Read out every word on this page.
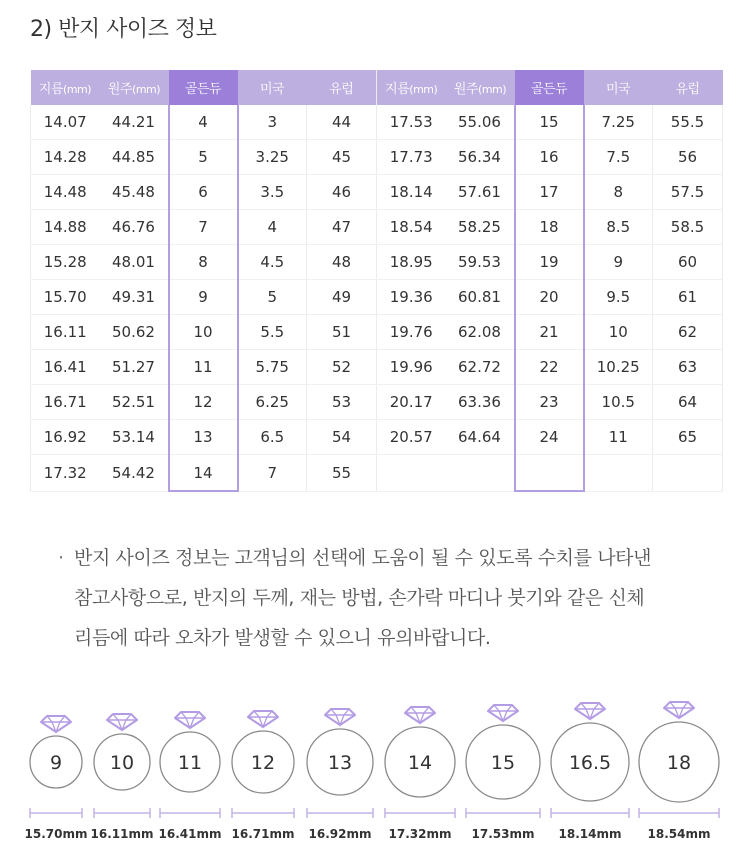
2) 반지 사이즈 정보
지름(mm)	원주(mm)	골든듀	미국	유럽	지름(mm)	원주(mm)	골든듀	미국	유럽
14.07	44.21	4	3	44	17.53	55.06	15	7.25	55.5
14.28	44.85	5	3.25	45	17.73	56.34	16	7.5	56
14.48	45.48	6	3.5	46	18.14	57.61	17	8	57.5
14.88	46.76	7	4	47	18.54	58.25	18	8.5	58.5
15.28	48.01	8	4.5	48	18.95	59.53	19	9	60
15.70	49.31	9	5	49	19.36	60.81	20	9.5	61
16.11	50.62	10	5.5	51	19.76	62.08	21	10	62
16.41	51.27	11	5.75	52	19.96	62.72	22	10.25	63
16.71	52.51	12	6.25	53	20.17	63.36	23	10.5	64
16.92	53.14	13	6.5	54	20.57	64.64	24	11	65
17.32	54.42	14	7	55					
· 반지 사이즈 정보는 고객님의 선택에 도움이 될 수 있도록 수치를 나타낸

참고사항으로, 반지의 두께, 재는 방법, 손가락 마디나 붓기와 같은 신체

리듬에 따라 오차가 발생할 수 있으니 유의바랍니다.

9
15.70mm
10
16.11mm
11
16.41mm
12
16.71mm
13
16.92mm
14
17.32mm
15
17.53mm
16.5
18.14mm
18
18.54mm
